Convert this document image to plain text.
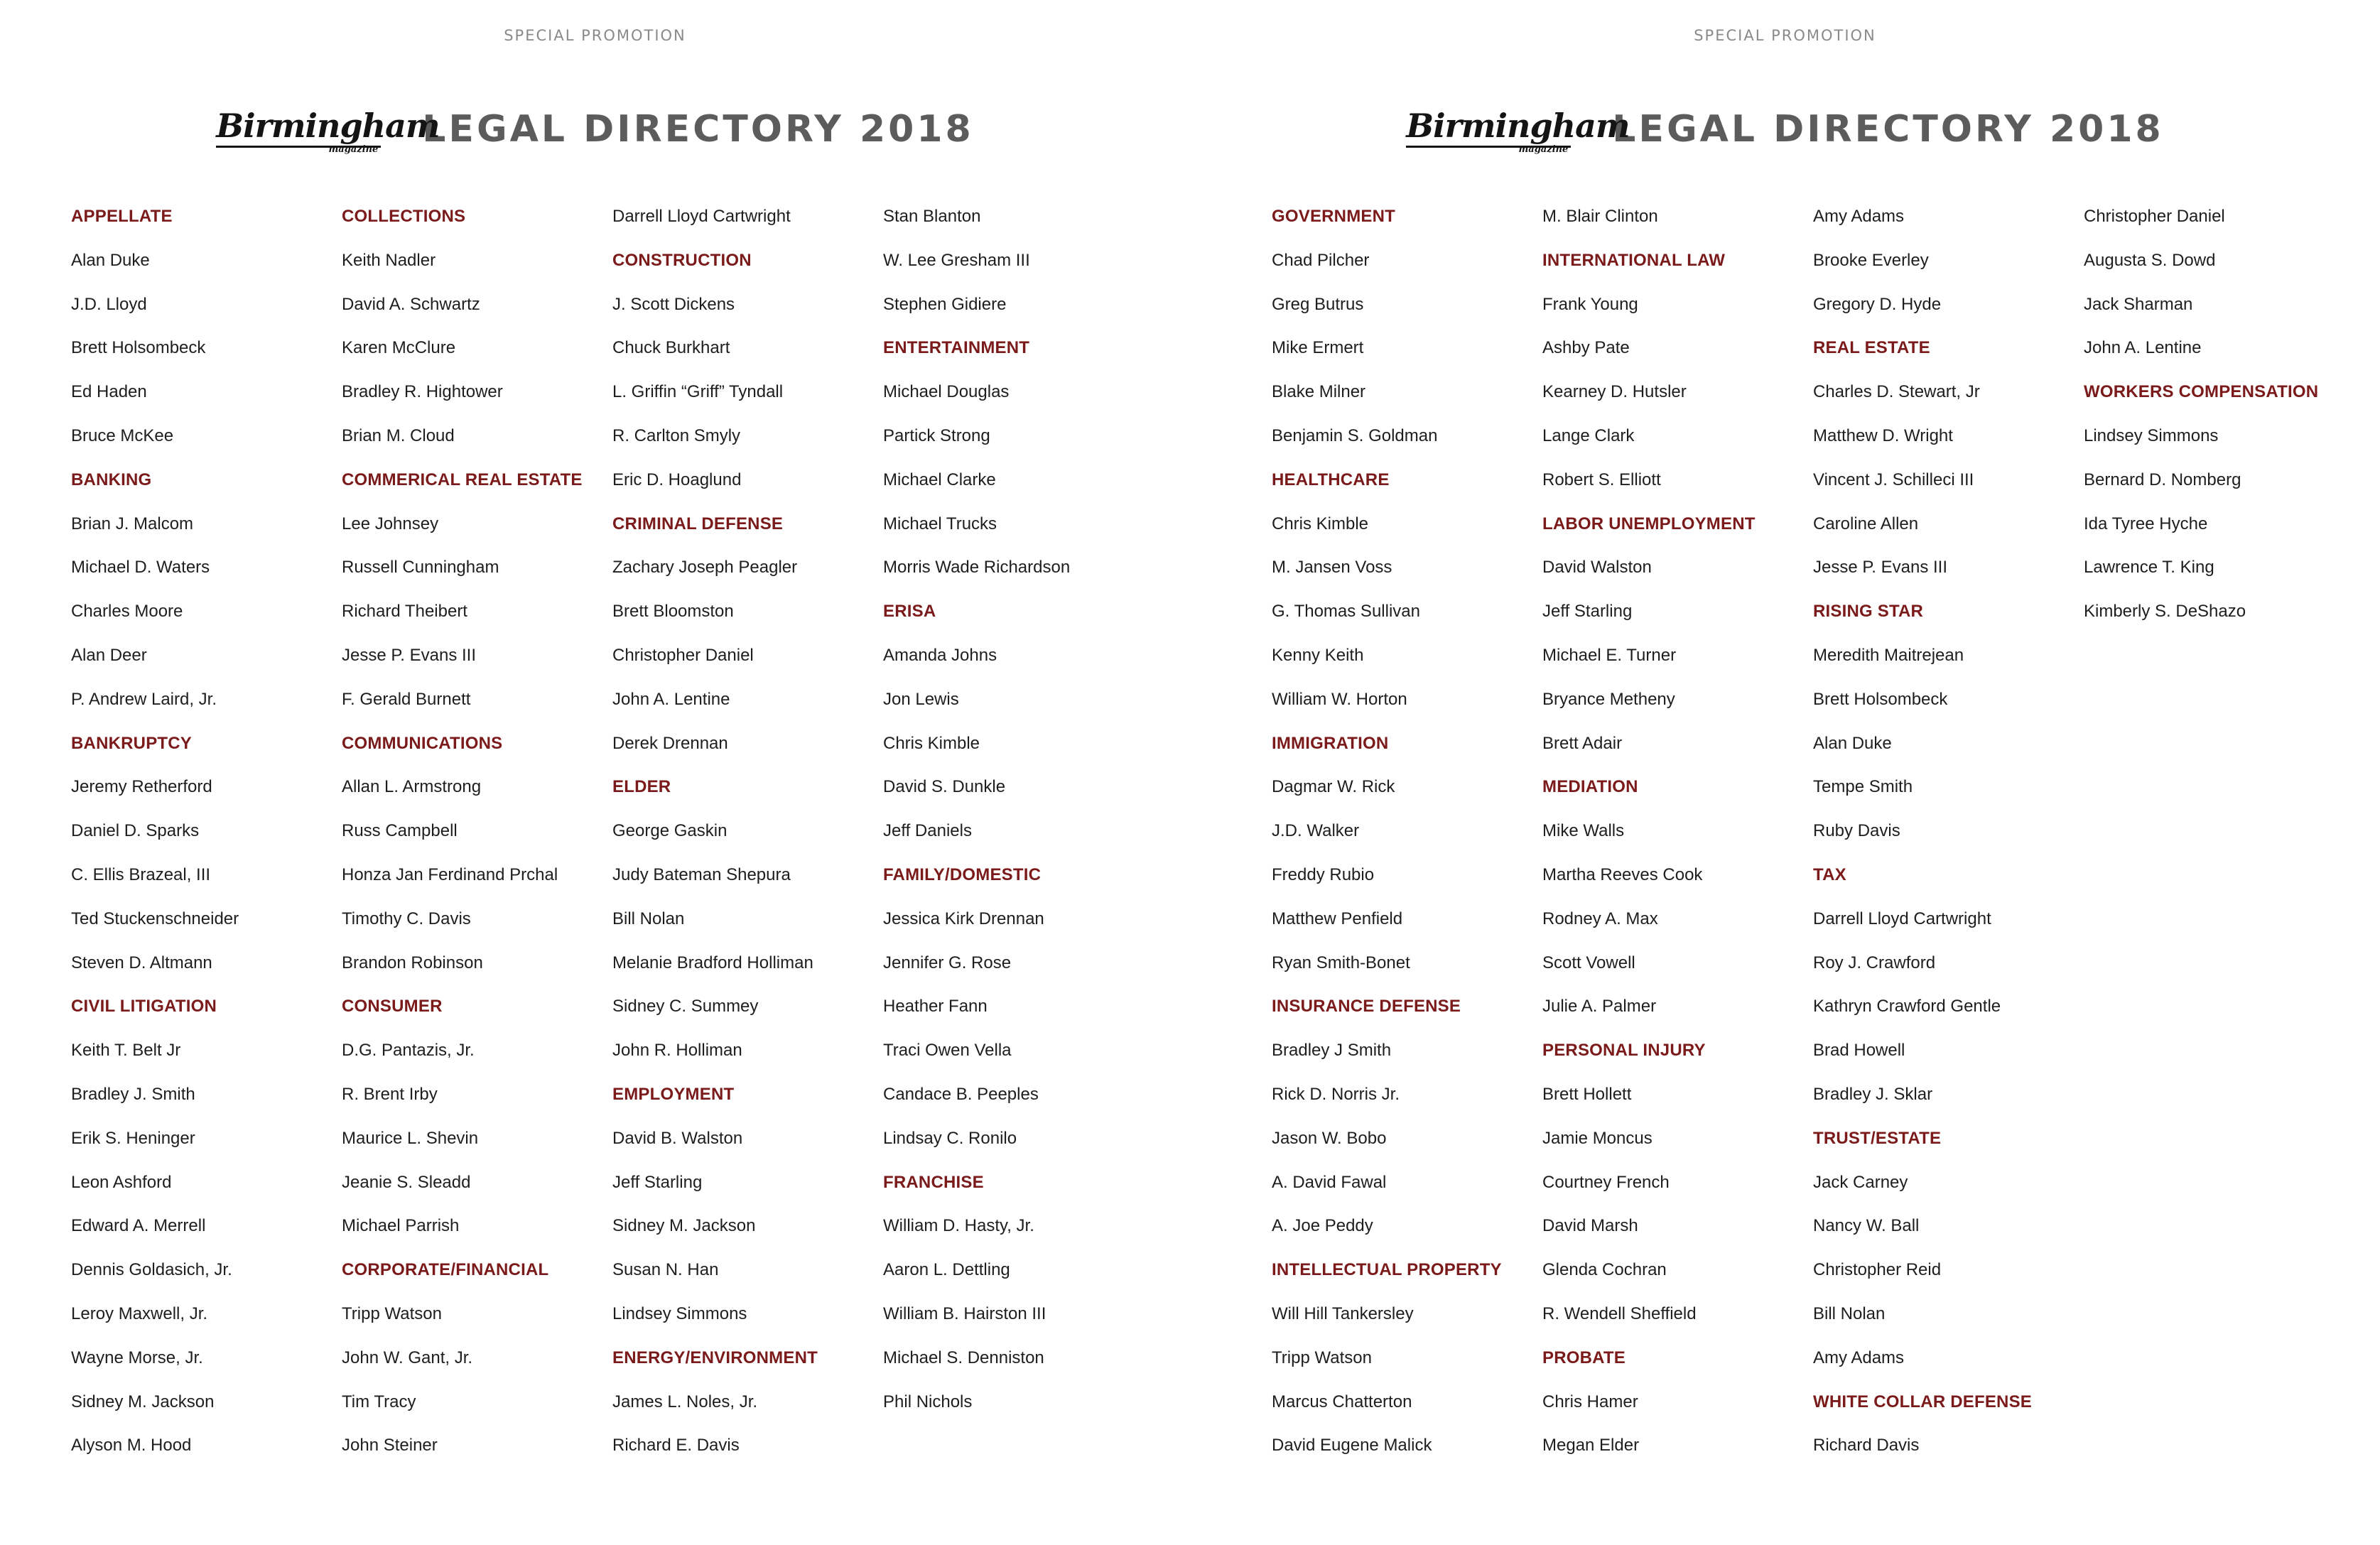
SPECIAL PROMOTION
Birmingham
magazine LEGAL DIRECTORY 2018
APPELLATE
Alan Duke
J.D. Lloyd
Brett Holsombeck
Ed Haden
Bruce McKee
BANKING
Brian J. Malcom
Michael D. Waters
Charles Moore
Alan Deer
P. Andrew Laird, Jr.
BANKRUPTCY
Jeremy Retherford
Daniel D. Sparks
C. Ellis Brazeal, III
Ted Stuckenschneider
Steven D. Altmann
CIVIL LITIGATION
Keith T. Belt Jr
Bradley J. Smith
Erik S. Heninger
Leon Ashford
Edward A. Merrell
Dennis Goldasich, Jr.
Leroy Maxwell, Jr.
Wayne Morse, Jr.
Sidney M. Jackson
Alyson M. Hood
COLLECTIONS
Keith Nadler
David A. Schwartz
Karen McClure
Bradley R. Hightower
Brian M. Cloud
COMMERICAL REAL ESTATE
Lee Johnsey
Russell Cunningham
Richard Theibert
Jesse P. Evans III
F. Gerald Burnett
COMMUNICATIONS
Allan L. Armstrong
Russ Campbell
Honza Jan Ferdinand Prchal
Timothy C. Davis
Brandon Robinson
CONSUMER
D.G. Pantazis, Jr.
R. Brent Irby
Maurice L. Shevin
Jeanie S. Sleadd
Michael Parrish
CORPORATE/FINANCIAL
Tripp Watson
John W. Gant, Jr.
Tim Tracy
John Steiner
Darrell Lloyd Cartwright
CONSTRUCTION
J. Scott Dickens
Chuck Burkhart
L. Griffin “Griff” Tyndall
R. Carlton Smyly
Eric D. Hoaglund
CRIMINAL DEFENSE
Zachary Joseph Peagler
Brett Bloomston
Christopher Daniel
John A. Lentine
Derek Drennan
ELDER
George Gaskin
Judy Bateman Shepura
Bill Nolan
Melanie Bradford Holliman
Sidney C. Summey
John R. Holliman
EMPLOYMENT
David B. Walston
Jeff Starling
Sidney M. Jackson
Susan N. Han
Lindsey Simmons
ENERGY/ENVIRONMENT
James L. Noles, Jr.
Richard E. Davis
Stan Blanton
W. Lee Gresham III
Stephen Gidiere
ENTERTAINMENT
Michael Douglas
Partick Strong
Michael Clarke
Michael Trucks
Morris Wade Richardson
ERISA
Amanda Johns
Jon Lewis
Chris Kimble
David S. Dunkle
Jeff Daniels
FAMILY/DOMESTIC
Jessica Kirk Drennan
Jennifer G. Rose
Heather Fann
Traci Owen Vella
Candace B. Peeples
Lindsay C. Ronilo
FRANCHISE
William D. Hasty, Jr.
Aaron L. Dettling
William B. Hairston III
Michael S. Denniston
Phil Nichols
SPECIAL PROMOTION
Birmingham
magazine LEGAL DIRECTORY 2018
GOVERNMENT
Chad Pilcher
Greg Butrus
Mike Ermert
Blake Milner
Benjamin S. Goldman
HEALTHCARE
Chris Kimble
M. Jansen Voss
G. Thomas Sullivan
Kenny Keith
William W. Horton
IMMIGRATION
Dagmar W. Rick
J.D. Walker
Freddy Rubio
Matthew Penfield
Ryan Smith-Bonet
INSURANCE DEFENSE
Bradley J Smith
Rick D. Norris Jr.
Jason W. Bobo
A. David Fawal
A. Joe Peddy
INTELLECTUAL PROPERTY
Will Hill Tankersley
Tripp Watson
Marcus Chatterton
David Eugene Malick
M. Blair Clinton
INTERNATIONAL LAW
Frank Young
Ashby Pate
Kearney D. Hutsler
Lange Clark
Robert S. Elliott
LABOR UNEMPLOYMENT
David Walston
Jeff Starling
Michael E. Turner
Bryance Metheny
Brett Adair
MEDIATION
Mike Walls
Martha Reeves Cook
Rodney A. Max
Scott Vowell
Julie A. Palmer
PERSONAL INJURY
Brett Hollett
Jamie Moncus
Courtney French
David Marsh
Glenda Cochran
R. Wendell Sheffield
PROBATE
Chris Hamer
Megan Elder
Amy Adams
Brooke Everley
Gregory D. Hyde
REAL ESTATE
Charles D. Stewart, Jr
Matthew D. Wright
Vincent J. Schilleci III
Caroline Allen
Jesse P. Evans III
RISING STAR
Meredith Maitrejean
Brett Holsombeck
Alan Duke
Tempe Smith
Ruby Davis
TAX
Darrell Lloyd Cartwright
Roy J. Crawford
Kathryn Crawford Gentle
Brad Howell
Bradley J. Sklar
TRUST/ESTATE
Jack Carney
Nancy W. Ball
Christopher Reid
Bill Nolan
Amy Adams
WHITE COLLAR DEFENSE
Richard Davis
Christopher Daniel
Augusta S. Dowd
Jack Sharman
John A. Lentine
WORKERS COMPENSATION
Lindsey Simmons
Bernard D. Nomberg
Ida Tyree Hyche
Lawrence T. King
Kimberly S. DeShazo
